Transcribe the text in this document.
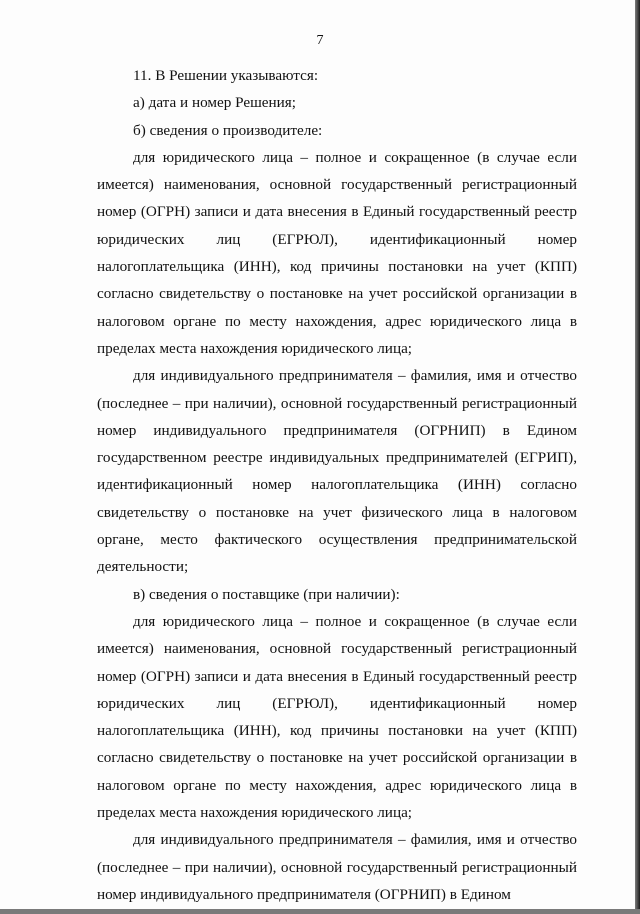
7

11. В Решении указываются:

а) дата и номер Решения;

б) сведения о производителе:

для юридического лица – полное и сокращенное (в случае если имеется) наименования, основной государственный регистрационный номер (ОГРН) записи и дата внесения в Единый государственный реестр юридических лиц (ЕГРЮЛ), идентификационный номер налогоплательщика (ИНН), код причины постановки на учет (КПП) согласно свидетельству о постановке на учет российской организации в налоговом органе по месту нахождения, адрес юридического лица в пределах места нахождения юридического лица;

для индивидуального предпринимателя – фамилия, имя и отчество (последнее – при наличии), основной государственный регистрационный номер индивидуального предпринимателя (ОГРНИП) в Едином государственном реестре индивидуальных предпринимателей (ЕГРИП), идентификационный номер налогоплательщика (ИНН) согласно свидетельству о постановке на учет физического лица в налоговом органе, место фактического осуществления предпринимательской деятельности;

в) сведения о поставщике (при наличии):

для юридического лица – полное и сокращенное (в случае если имеется) наименования, основной государственный регистрационный номер (ОГРН) записи и дата внесения в Единый государственный реестр юридических лиц (ЕГРЮЛ), идентификационный номер налогоплательщика (ИНН), код причины постановки на учет (КПП) согласно свидетельству о постановке на учет российской организации в налоговом органе по месту нахождения, адрес юридического лица в пределах места нахождения юридического лица;

для индивидуального предпринимателя – фамилия, имя и отчество (последнее – при наличии), основной государственный регистрационный номер индивидуального предпринимателя (ОГРНИП) в Едином
